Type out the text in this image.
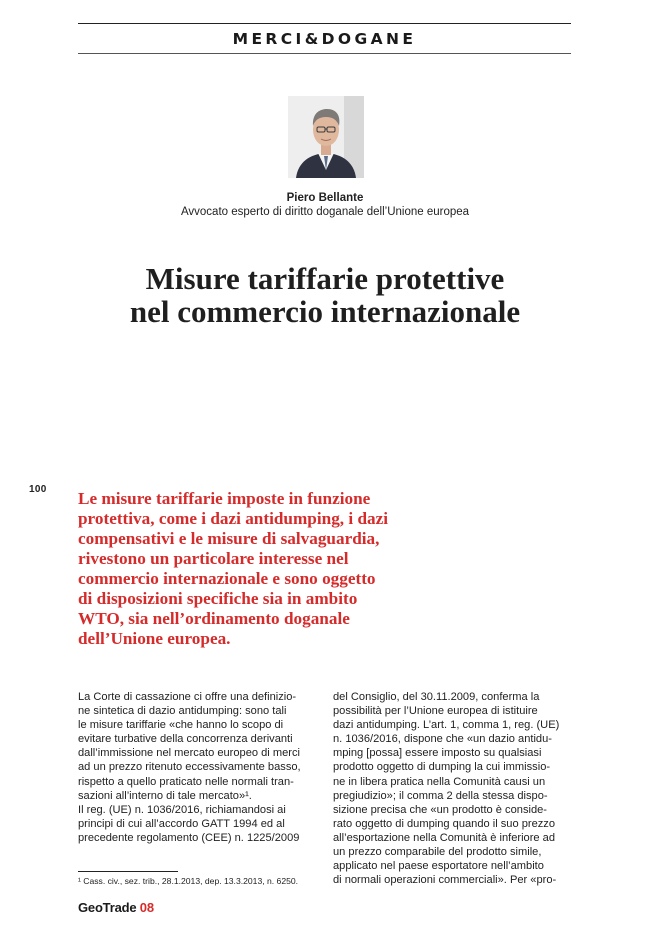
MERCI&DOGANE
Piero Bellante
Avvocato esperto di diritto doganale dell’Unione europea
Misure tariffarie protettive
nel commercio internazionale
100 Le misure tariffarie imposte in funzione
protettiva, come i dazi antidumping, i dazi
compensativi e le misure di salvaguardia,
rivestono un particolare interesse nel
commercio internazionale e sono oggetto
di disposizioni specifiche sia in ambito
WTO, sia nell’ordinamento doganale
dell’Unione europea.
La Corte di cassazione ci offre una definizio-
ne sintetica di dazio antidumping: sono tali
le misure tariffarie «che hanno lo scopo di
evitare turbative della concorrenza derivanti
dall’immissione nel mercato europeo di merci
ad un prezzo ritenuto eccessivamente basso,
rispetto a quello praticato nelle normali tran-
sazioni all’interno di tale mercato»¹.
Il reg. (UE) n. 1036/2016, richiamandosi ai
principi di cui all’accordo GATT 1994 ed al
precedente regolamento (CEE) n. 1225/2009
del Consiglio, del 30.11.2009, conferma la
possibilità per l’Unione europea di istituire
dazi antidumping. L’art. 1, comma 1, reg. (UE)
n. 1036/2016, dispone che «un dazio antidu-
mping [possa] essere imposto su qualsiasi
prodotto oggetto di dumping la cui immissio-
ne in libera pratica nella Comunità causi un
pregiudizio»; il comma 2 della stessa dispo-
sizione precisa che «un prodotto è conside-
rato oggetto di dumping quando il suo prezzo
all’esportazione nella Comunità è inferiore ad
un prezzo comparabile del prodotto simile,
applicato nel paese esportatore nell’ambito
di normali operazioni commerciali». Per «pro-
¹ Cass. civ., sez. trib., 28.1.2013, dep. 13.3.2013, n. 6250.
GeoTrade 08
